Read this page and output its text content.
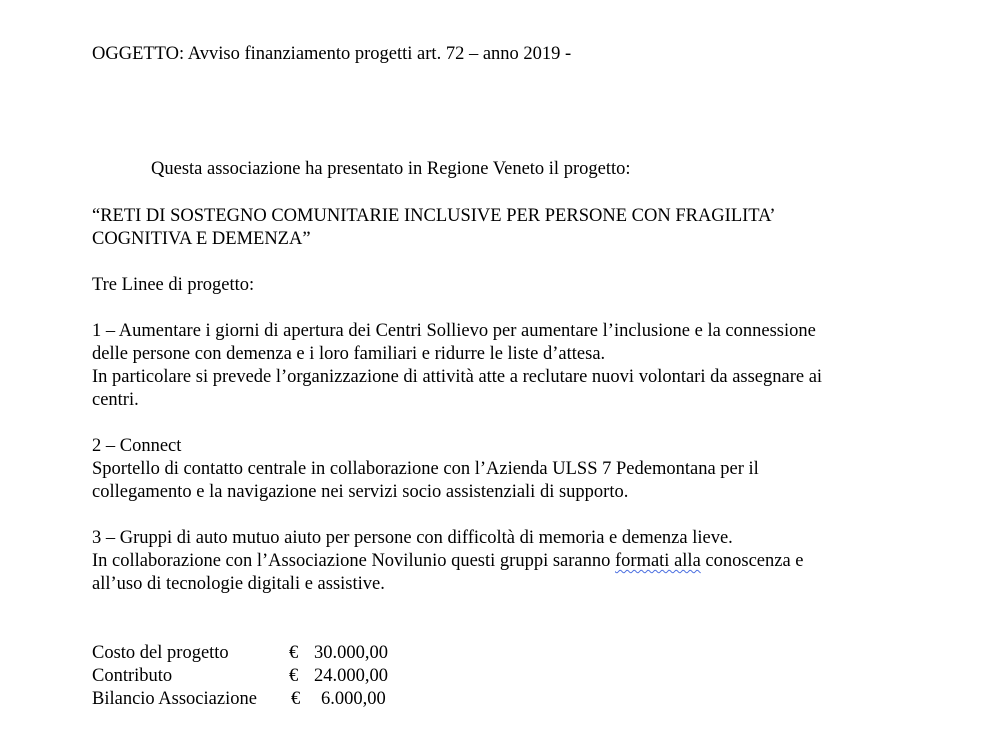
OGGETTO: Avviso finanziamento progetti art. 72 – anno 2019 -
Questa associazione ha presentato in Regione Veneto il progetto:
“RETI DI SOSTEGNO COMUNITARIE INCLUSIVE PER PERSONE CON FRAGILITA’
COGNITIVA E DEMENZA”
Tre Linee di progetto:
1 – Aumentare i giorni di apertura dei Centri Sollievo per aumentare l’inclusione e la connessione
delle persone con demenza e i loro familiari e ridurre le liste d’attesa.
In particolare si prevede l’organizzazione di attività atte a reclutare nuovi volontari da assegnare ai
centri.
2 – Connect
Sportello di contatto centrale in collaborazione con l’Azienda ULSS 7 Pedemontana per il
collegamento e la navigazione nei servizi socio assistenziali di supporto.
3 – Gruppi di auto mutuo aiuto per persone con difficoltà di memoria e demenza lieve.
In collaborazione con l’Associazione Novilunio questi gruppi saranno formati alla conoscenza e
all’uso di tecnologie digitali e assistive.
Costo del progetto	€ 30.000,00
Contributo	€ 24.000,00
Bilancio Associazione € 6.000,00
